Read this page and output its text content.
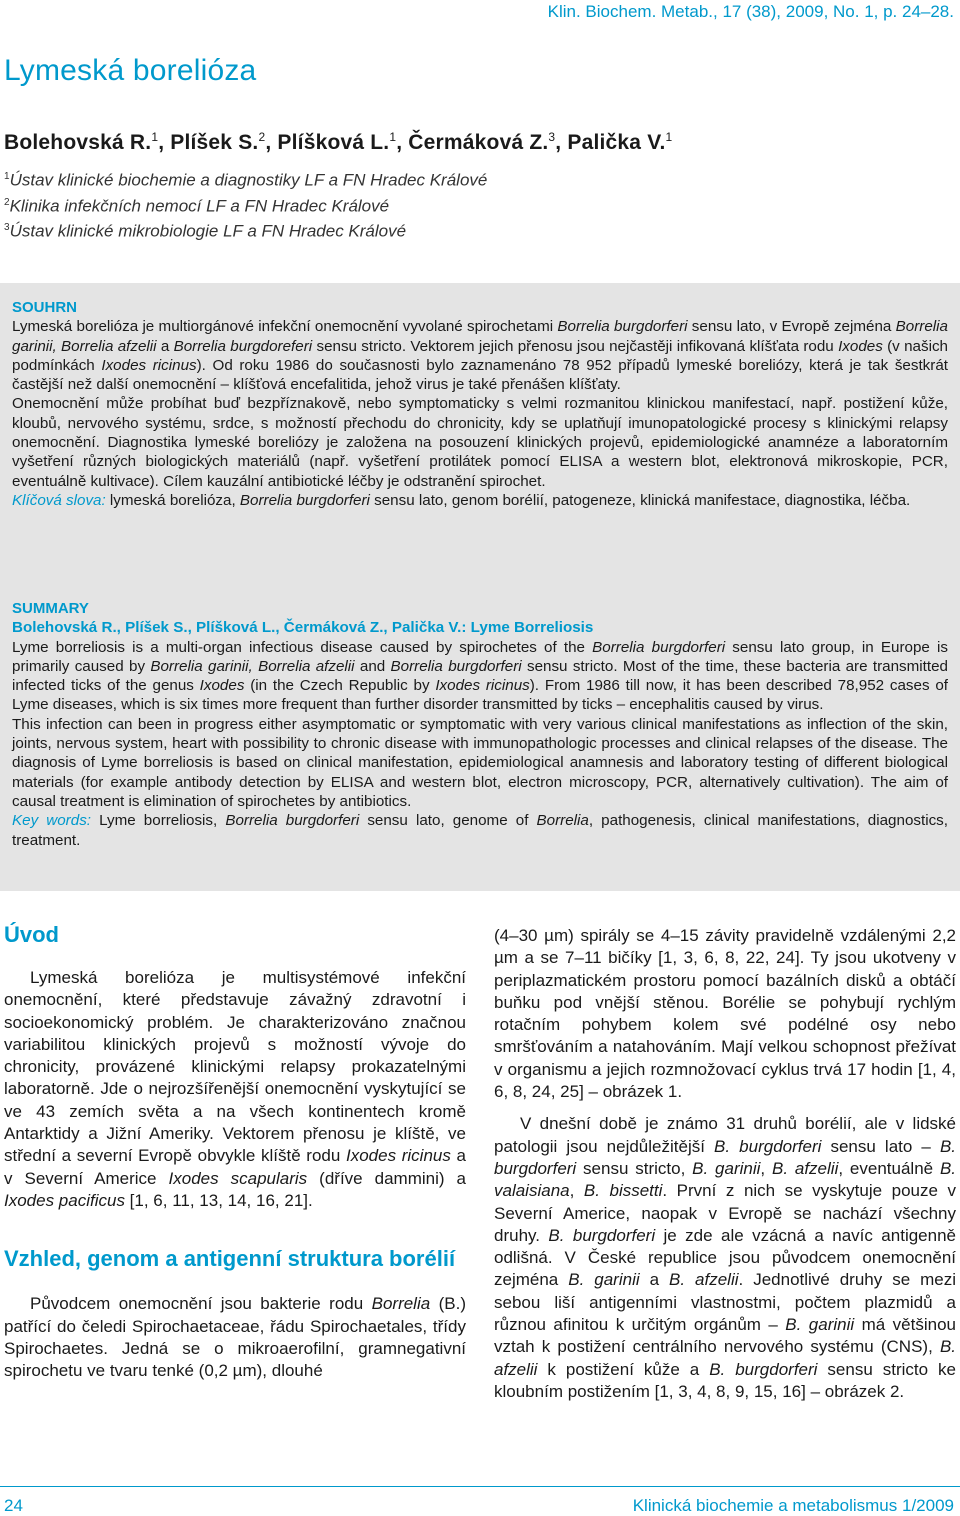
Klin. Biochem. Metab., 17 (38), 2009, No. 1, p. 24–28.
Lymeská borelióza
Bolehovská R.$^1$, Plíšek S.$^2$, Plíšková L.$^1$, Čermáková Z.$^3$, Palička V.$^1$
$^1$Ústav klinické biochemie a diagnostiky LF a FN Hradec Králové
$^2$Klinika infekčních nemocí LF a FN Hradec Králové
$^3$Ústav klinické mikrobiologie LF a FN Hradec Králové
SOUHRN
Lymeská borelióza je multiorgánové infekční onemocnění vyvolané spirochetami Borrelia burgdorferi sensu lato, v Evropě zejména Borrelia garinii, Borrelia afzelii a Borrelia burgdoreferi sensu stricto. Vektorem jejich přenosu jsou nejčastěji infikovaná klíšťata rodu Ixodes (v našich podmínkách Ixodes ricinus). Od roku 1986 do současnosti bylo zaznamenáno 78 952 případů lymeské boreliózy, která je tak šestkrát častější než další onemocnění – klíšťová encefalitida, jehož virus je také přenášen klíšťaty.
Onemocnění může probíhat buď bezpříznakově, nebo symptomaticky s velmi rozmanitou klinickou manifestací, např. postižení kůže, kloubů, nervového systému, srdce, s možností přechodu do chronicity, kdy se uplatňují imunopatologické procesy s klinickými relapsy onemocnění. Diagnostika lymeské boreliózy je založena na posouzení klinických projevů, epidemiologické anamnéze a laboratorním vyšetření různých biologických materiálů (např. vyšetření protilátek pomocí ELISA a western blot, elektronová mikroskopie, PCR, eventuálně kultivace). Cílem kauzální antibiotické léčby je odstranění spirochet.
Klíčová slova: lymeská borelióza, Borrelia burgdorferi sensu lato, genom borélií, patogeneze, klinická manifestace, diagnostika, léčba.
SUMMARY
Bolehovská R., Plíšek S., Plíšková L., Čermáková Z., Palička V.: Lyme Borreliosis
Lyme borreliosis is a multi-organ infectious disease caused by spirochetes of the Borrelia burgdorferi sensu lato group, in Europe is primarily caused by Borrelia garinii, Borrelia afzelii and Borrelia burgdorferi sensu stricto. Most of the time, these bacteria are transmitted infected ticks of the genus Ixodes (in the Czech Republic by Ixodes ricinus). From 1986 till now, it has been described 78,952 cases of Lyme diseases, which is six times more frequent than further disorder transmitted by ticks – encephalitis caused by virus.
This infection can been in progress either asymptomatic or symptomatic with very various clinical manifestations as inflection of the skin, joints, nervous system, heart with possibility to chronic disease with immunopathologic processes and clinical relapses of the disease. The diagnosis of Lyme borreliosis is based on clinical manifestation, epidemiological anamnesis and laboratory testing of different biological materials (for example antibody detection by ELISA and western blot, electron microscopy, PCR, alternatively cultivation). The aim of causal treatment is elimination of spirochetes by antibiotics.
Key words: Lyme borreliosis, Borrelia burgdorferi sensu lato, genome of Borrelia, pathogenesis, clinical manifestations, diagnostics, treatment.
Úvod

Lymeská borelióza je multisystémové infekční onemocnění, které představuje závažný zdravotní i socioekonomický problém. Je charakterizováno značnou variabilitou klinických projevů s možností vývoje do chronicity, provázené klinickými relapsy prokazatelnými laboratorně. Jde o nejrozšířenější onemocnění vyskytující se ve 43 zemích světa a na všech kontinentech kromě Antarktidy a Jižní Ameriky. Vektorem přenosu je klíště, ve střední a severní Evropě obvykle klíště rodu Ixodes ricinus a v Severní Americe Ixodes scapularis (dříve dammini) a Ixodes pacificus [1, 6, 11, 13, 14, 16, 21].

Vzhled, genom a antigenní struktura borélií

Původcem onemocnění jsou bakterie rodu Borrelia (B.) patřící do čeledi Spirochaetaceae, řádu Spirochaetales, třídy Spirochaetes. Jedná se o mikroaerofilní, gramnegativní spirochetu ve tvaru tenké (0,2 µm), dlouhé

(4–30 µm) spirály se 4–15 závity pravidelně vzdálenými 2,2 µm a se 7–11 bičíky [1, 3, 6, 8, 22, 24]. Ty jsou ukotveny v periplazmatickém prostoru pomocí bazálních disků a obtáčí buňku pod vnější stěnou. Borélie se pohybují rychlým rotačním pohybem kolem své podélné osy nebo smršťováním a natahováním. Mají velkou schopnost přežívat v organismu a jejich rozmnožovací cyklus trvá 17 hodin [1, 4, 6, 8, 24, 25] – obrázek 1.

V dnešní době je známo 31 druhů borélií, ale v lidské patologii jsou nejdůležitější B. burgdorferi sensu lato – B. burgdorferi sensu stricto, B. garinii, B. afzelii, eventuálně B. valaisiana, B. bissetti. První z nich se vyskytuje pouze v Severní Americe, naopak v Evropě se nachází všechny druhy. B. burgdorferi je zde ale vzácná a navíc antigenně odlišná. V České republice jsou původcem onemocnění zejména B. garinii a B. afzelii. Jednotlivé druhy se mezi sebou liší antigenními vlastnostmi, počtem plazmidů a různou afinitou k určitým orgánům – B. garinii má většinou vztah k postižení centrálního nervového systému (CNS), B. afzelii k postižení kůže a B. burgdorferi sensu stricto ke kloubním postižením [1, 3, 4, 8, 9, 15, 16] – obrázek 2.

24	Klinická biochemie a metabolismus 1/2009
